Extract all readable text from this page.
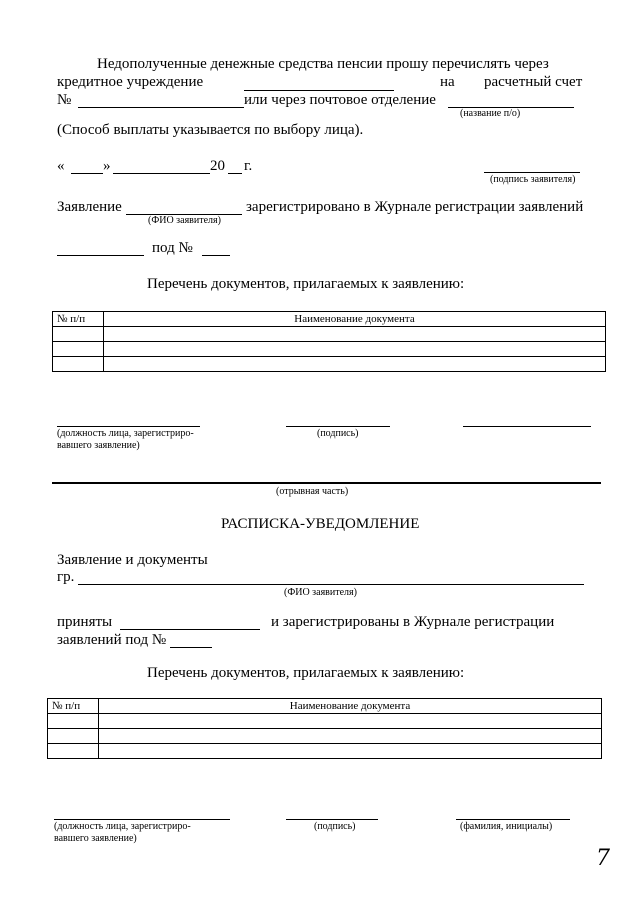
Недополученные денежные средства пенсии прошу перечислять через
кредитное учреждение	на расчетный счет
№	или через почтовое отделение
(название п/о)
(Способ выплаты указывается по выбору лица).
«	»	20 г.
(подпись заявителя)
Заявление	зарегистрировано в Журнале регистрации заявлений
(ФИО заявителя)
под №
Перечень документов, прилагаемых к заявлению:
№ п/п	Наименование документа

(должность лица, зарегистриро-
вавшего заявление)
(подпись)
(отрывная часть)
РАСПИСКА-УВЕДОМЛЕНИЕ
Заявление и документы
гр.
(ФИО заявителя)
приняты	и зарегистрированы в Журнале регистрации
заявлений под №
Перечень документов, прилагаемых к заявлению:
№ п/п	Наименование документа

(должность лица, зарегистриро-
вавшего заявление)
(подпись)	(фамилия, инициалы)
7
